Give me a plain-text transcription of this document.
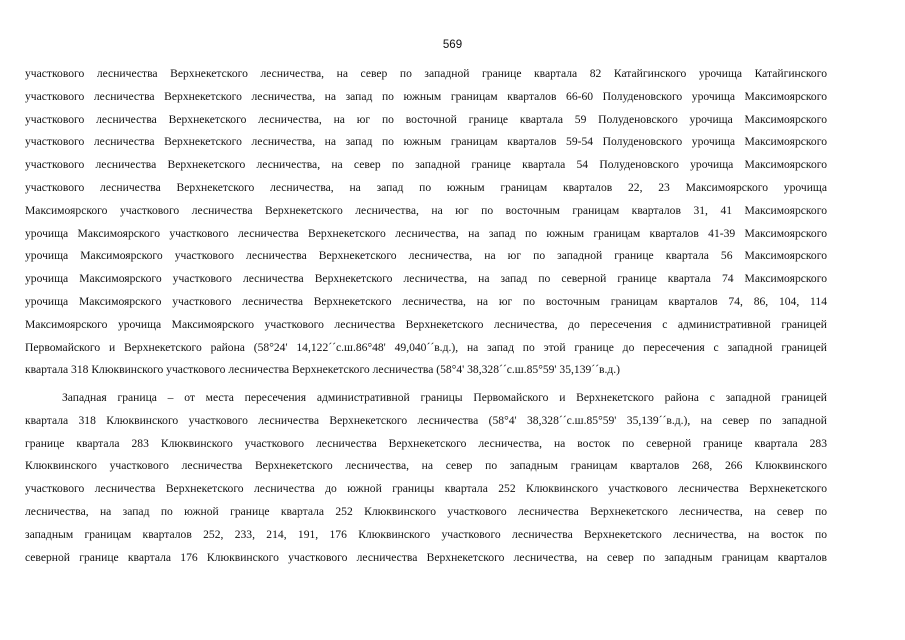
569
участкового лесничества Верхнекетского лесничества, на север по западной границе квартала 82 Катайгинского урочища Катайгинского
участкового лесничества Верхнекетского лесничества, на запад по южным границам кварталов 66-60 Полуденовского урочища Максимоярского
участкового лесничества Верхнекетского лесничества, на юг по восточной границе квартала 59 Полуденовского урочища Максимоярского
участкового лесничества Верхнекетского лесничества, на запад по южным границам кварталов 59-54 Полуденовского урочища Максимоярского
участкового лесничества Верхнекетского лесничества, на север по западной границе квартала 54 Полуденовского урочища Максимоярского
участкового лесничества Верхнекетского лесничества, на запад по южным границам кварталов 22, 23 Максимоярского урочища
Максимоярского участкового лесничества Верхнекетского лесничества, на юг по восточным границам кварталов 31, 41 Максимоярского
урочища Максимоярского участкового лесничества Верхнекетского лесничества, на запад по южным границам кварталов 41-39 Максимоярского
урочища Максимоярского участкового лесничества Верхнекетского лесничества, на юг по западной границе квартала 56 Максимоярского
урочища Максимоярского участкового лесничества Верхнекетского лесничества, на запад по северной границе квартала 74 Максимоярского
урочища Максимоярского участкового лесничества Верхнекетского лесничества, на юг по восточным границам кварталов 74, 86, 104, 114
Максимоярского урочища Максимоярского участкового лесничества Верхнекетского лесничества, до пересечения с административной границей
Первомайского и Верхнекетского района (58°24' 14,122´´с.ш.86°48' 49,040´´в.д.), на запад по этой границе до пересечения с западной границей
квартала 318 Клюквинского участкового лесничества Верхнекетского лесничества (58°4' 38,328´´с.ш.85°59' 35,139´´в.д.)
Западная граница – от места пересечения административной границы Первомайского и Верхнекетского района с западной границей
квартала 318 Клюквинского участкового лесничества Верхнекетского лесничества (58°4' 38,328´´с.ш.85°59' 35,139´´в.д.), на север по западной
границе квартала 283 Клюквинского участкового лесничества Верхнекетского лесничества, на восток по северной границе квартала 283
Клюквинского участкового лесничества Верхнекетского лесничества, на север по западным границам кварталов 268, 266 Клюквинского
участкового лесничества Верхнекетского лесничества до южной границы квартала 252 Клюквинского участкового лесничества Верхнекетского
лесничества, на запад по южной границе квартала 252 Клюквинского участкового лесничества Верхнекетского лесничества, на север по
западным границам кварталов 252, 233, 214, 191, 176 Клюквинского участкового лесничества Верхнекетского лесничества, на восток по
северной границе квартала 176 Клюквинского участкового лесничества Верхнекетского лесничества, на север по западным границам кварталов
